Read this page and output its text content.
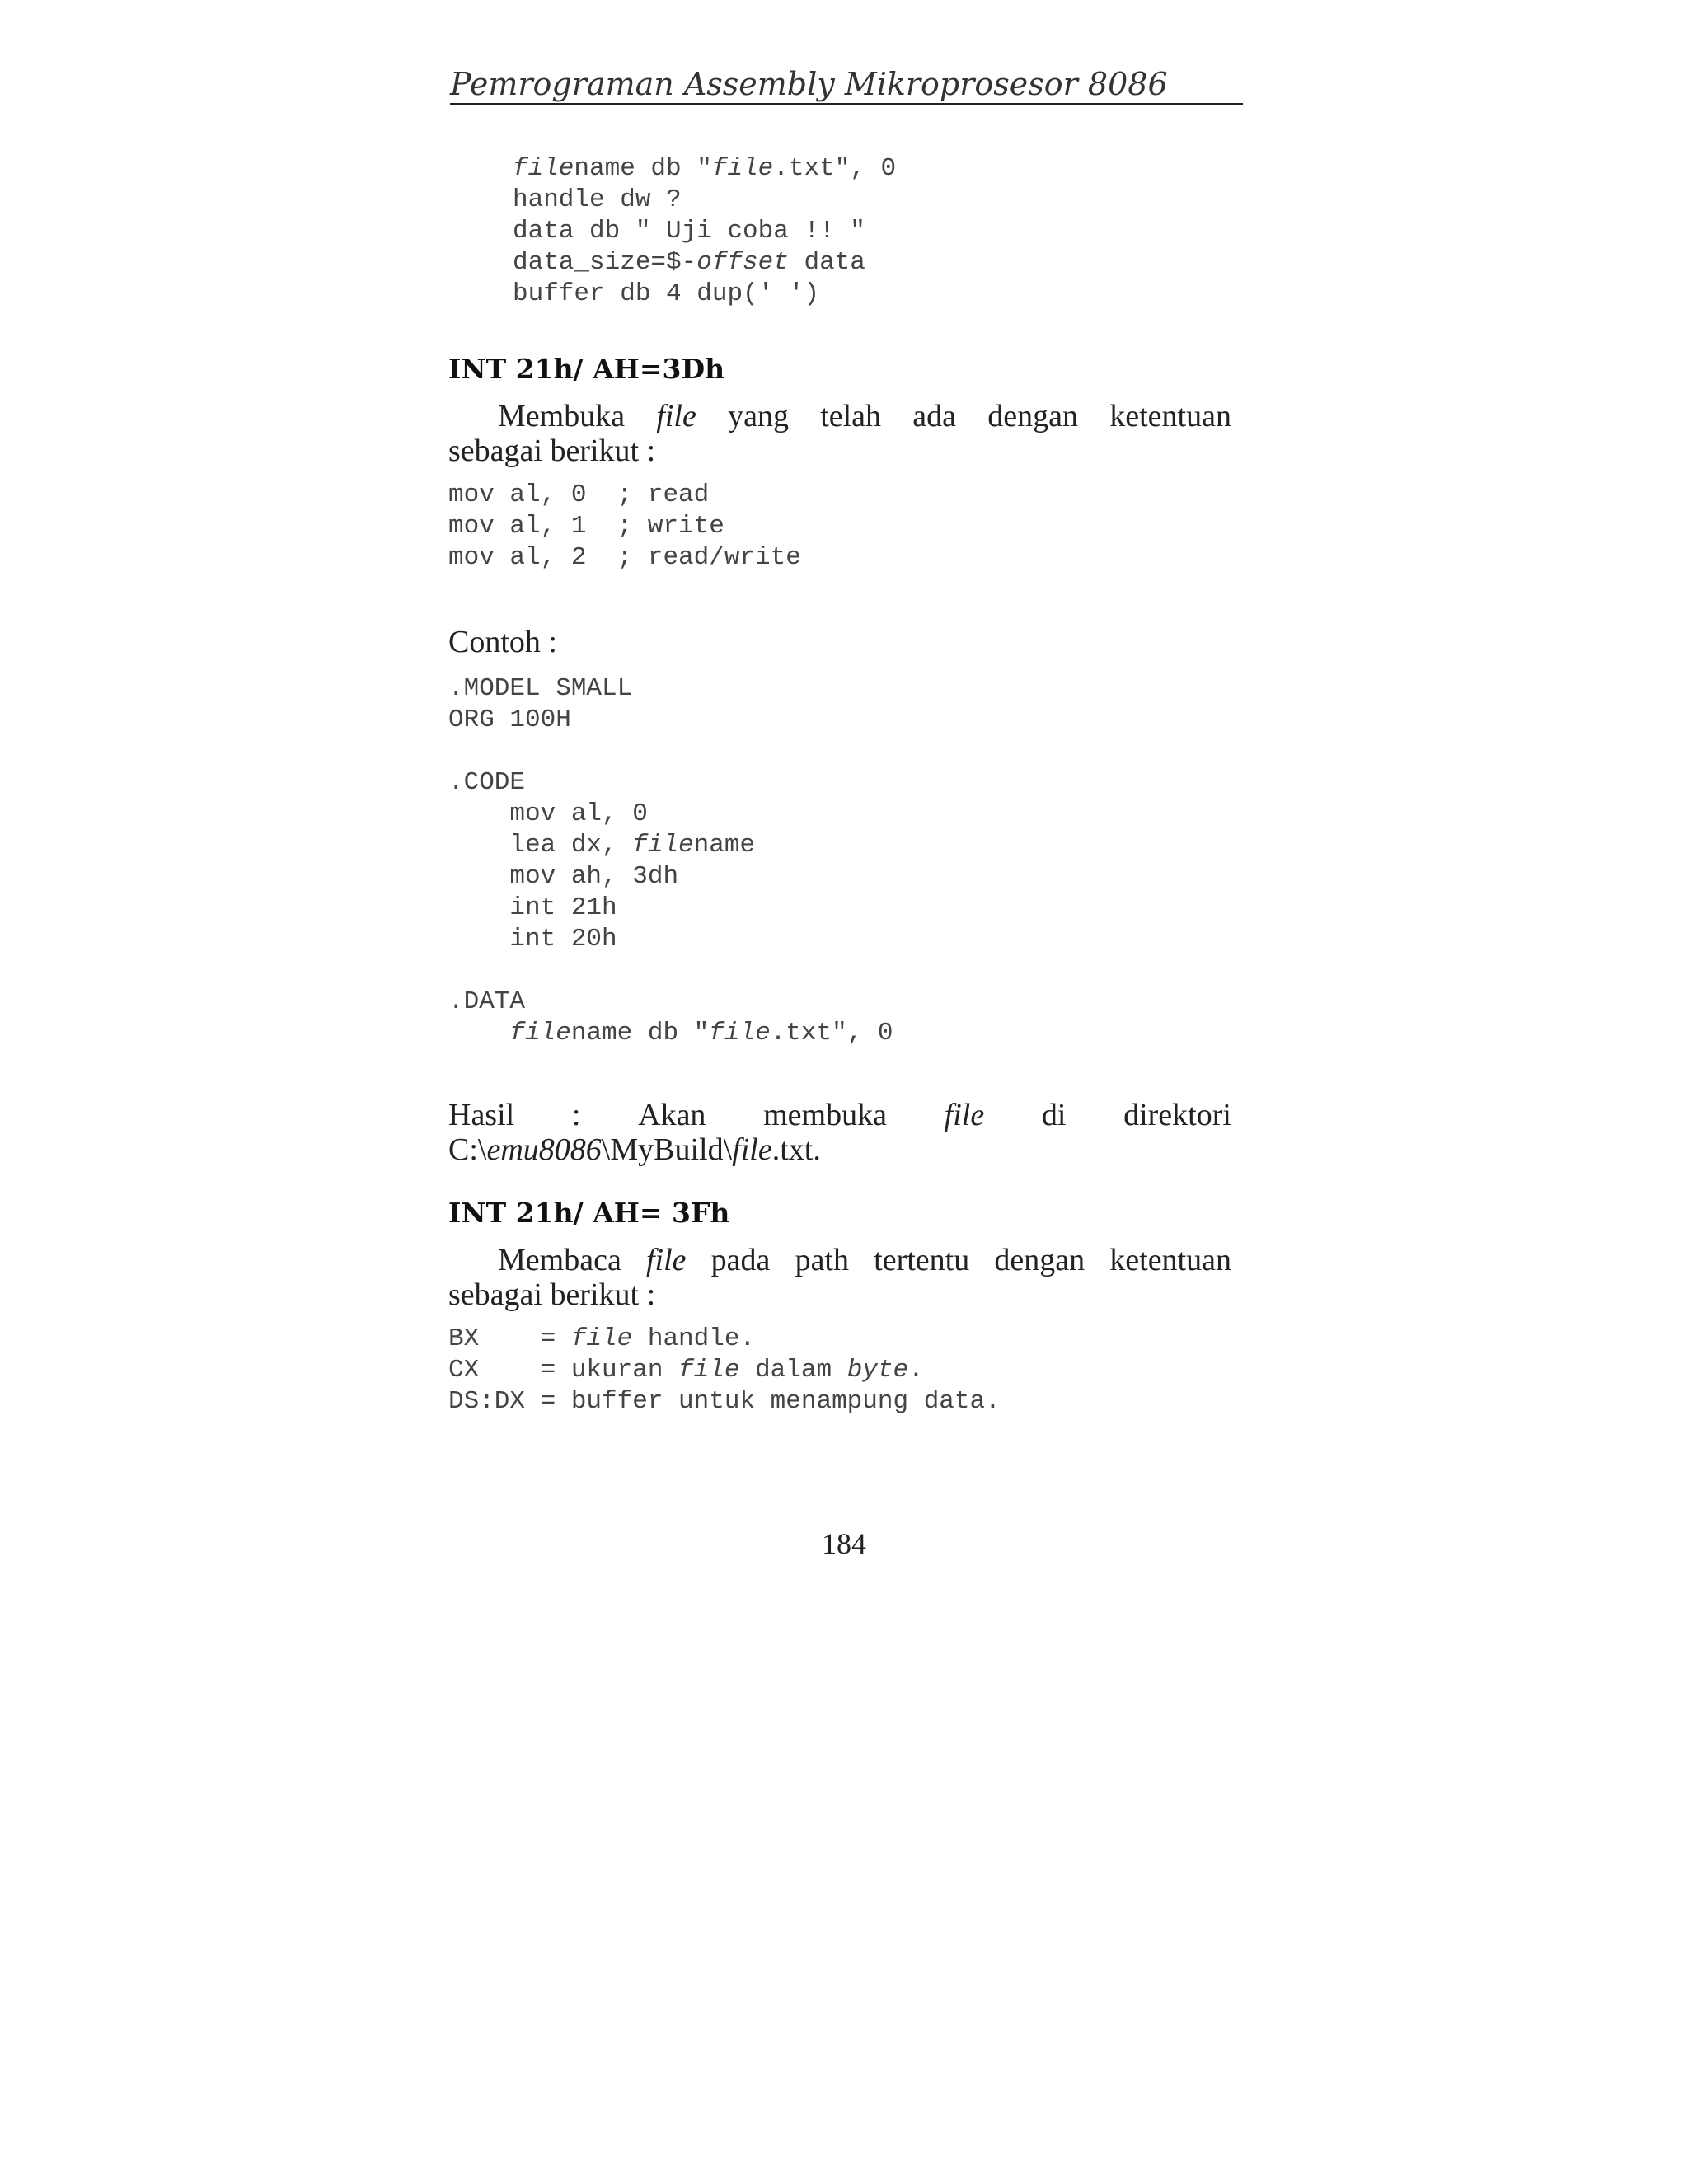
Pemrograman Assembly Mikroprosesor 8086
filename db "file.txt", 0
handle dw ?
data db " Uji coba !! "
data_size=$-offset data
buffer db 4 dup(' ')
INT 21h/ AH=3Dh
Membuka file yang telah ada dengan ketentuan
sebagai berikut :
mov al, 0  ; read
mov al, 1  ; write
mov al, 2  ; read/write
Contoh :
.MODEL SMALL
ORG 100H

.CODE
mov al, 0
lea dx, filename
mov ah, 3dh
int 21h
int 20h

.DATA
filename db "file.txt", 0
Hasil : Akan membuka file di direktori
C:\emu8086\MyBuild\file.txt.
INT 21h/ AH= 3Fh
Membaca file pada path tertentu dengan ketentuan
sebagai berikut :
BX    = file handle.
CX    = ukuran file dalam byte.
DS:DX = buffer untuk menampung data.
184
